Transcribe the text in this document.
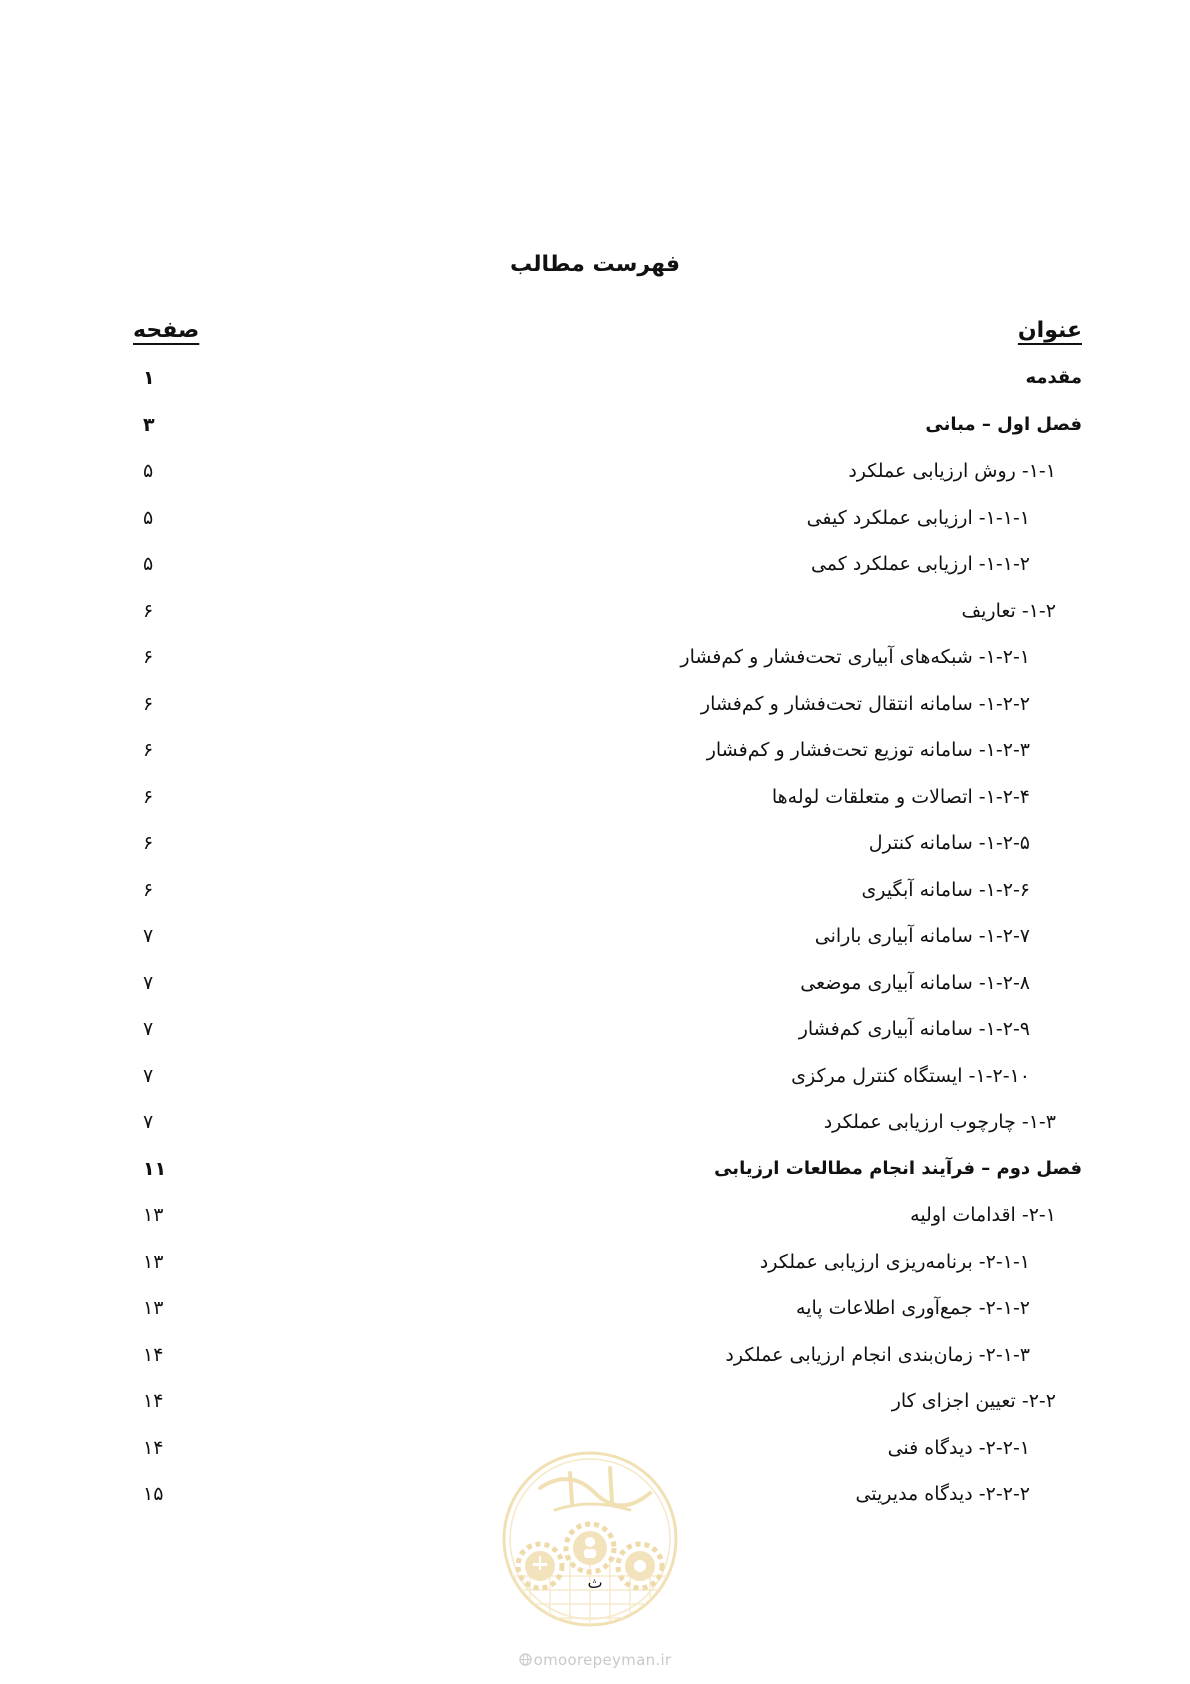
فهرست مطالب
عنوان
صفحه
مقدمه
۱
فصل اول – مبانی
۳
۱-۱- روش ارزیابی عملکرد
۵
۱-۱-۱- ارزیابی عملکرد کیفی
۵
۱-۱-۲- ارزیابی عملکرد کمی
۵
۱-۲- تعاریف
۶
۱-۲-۱- شبکه‌های آبیاری تحت‌فشار و کم‌فشار
۶
۱-۲-۲- سامانه انتقال تحت‌فشار و کم‌فشار
۶
۱-۲-۳- سامانه توزیع تحت‌فشار و کم‌فشار
۶
۱-۲-۴- اتصالات و متعلقات لوله‌ها
۶
۱-۲-۵- سامانه کنترل
۶
۱-۲-۶- سامانه آبگیری
۶
۱-۲-۷- سامانه آبیاری بارانی
۷
۱-۲-۸- سامانه آبیاری موضعی
۷
۱-۲-۹- سامانه آبیاری کم‌فشار
۷
۱-۲-۱۰- ایستگاه کنترل مرکزی
۷
۱-۳- چارچوب ارزیابی عملکرد
۷
فصل دوم – فرآیند انجام مطالعات ارزیابی
۱۱
۲-۱- اقدامات اولیه
۱۳
۲-۱-۱- برنامه‌ریزی ارزیابی عملکرد
۱۳
۲-۱-۲- جمع‌آوری اطلاعات پایه
۱۳
۲-۱-۳- زمان‌بندی انجام ارزیابی عملکرد
۱۴
۲-۲- تعیین اجزای کار
۱۴
۲-۲-۱- دیدگاه فنی
۱۴
۲-۲-۲- دیدگاه مدیریتی
۱۵
ث
omoorepeyman.ir
